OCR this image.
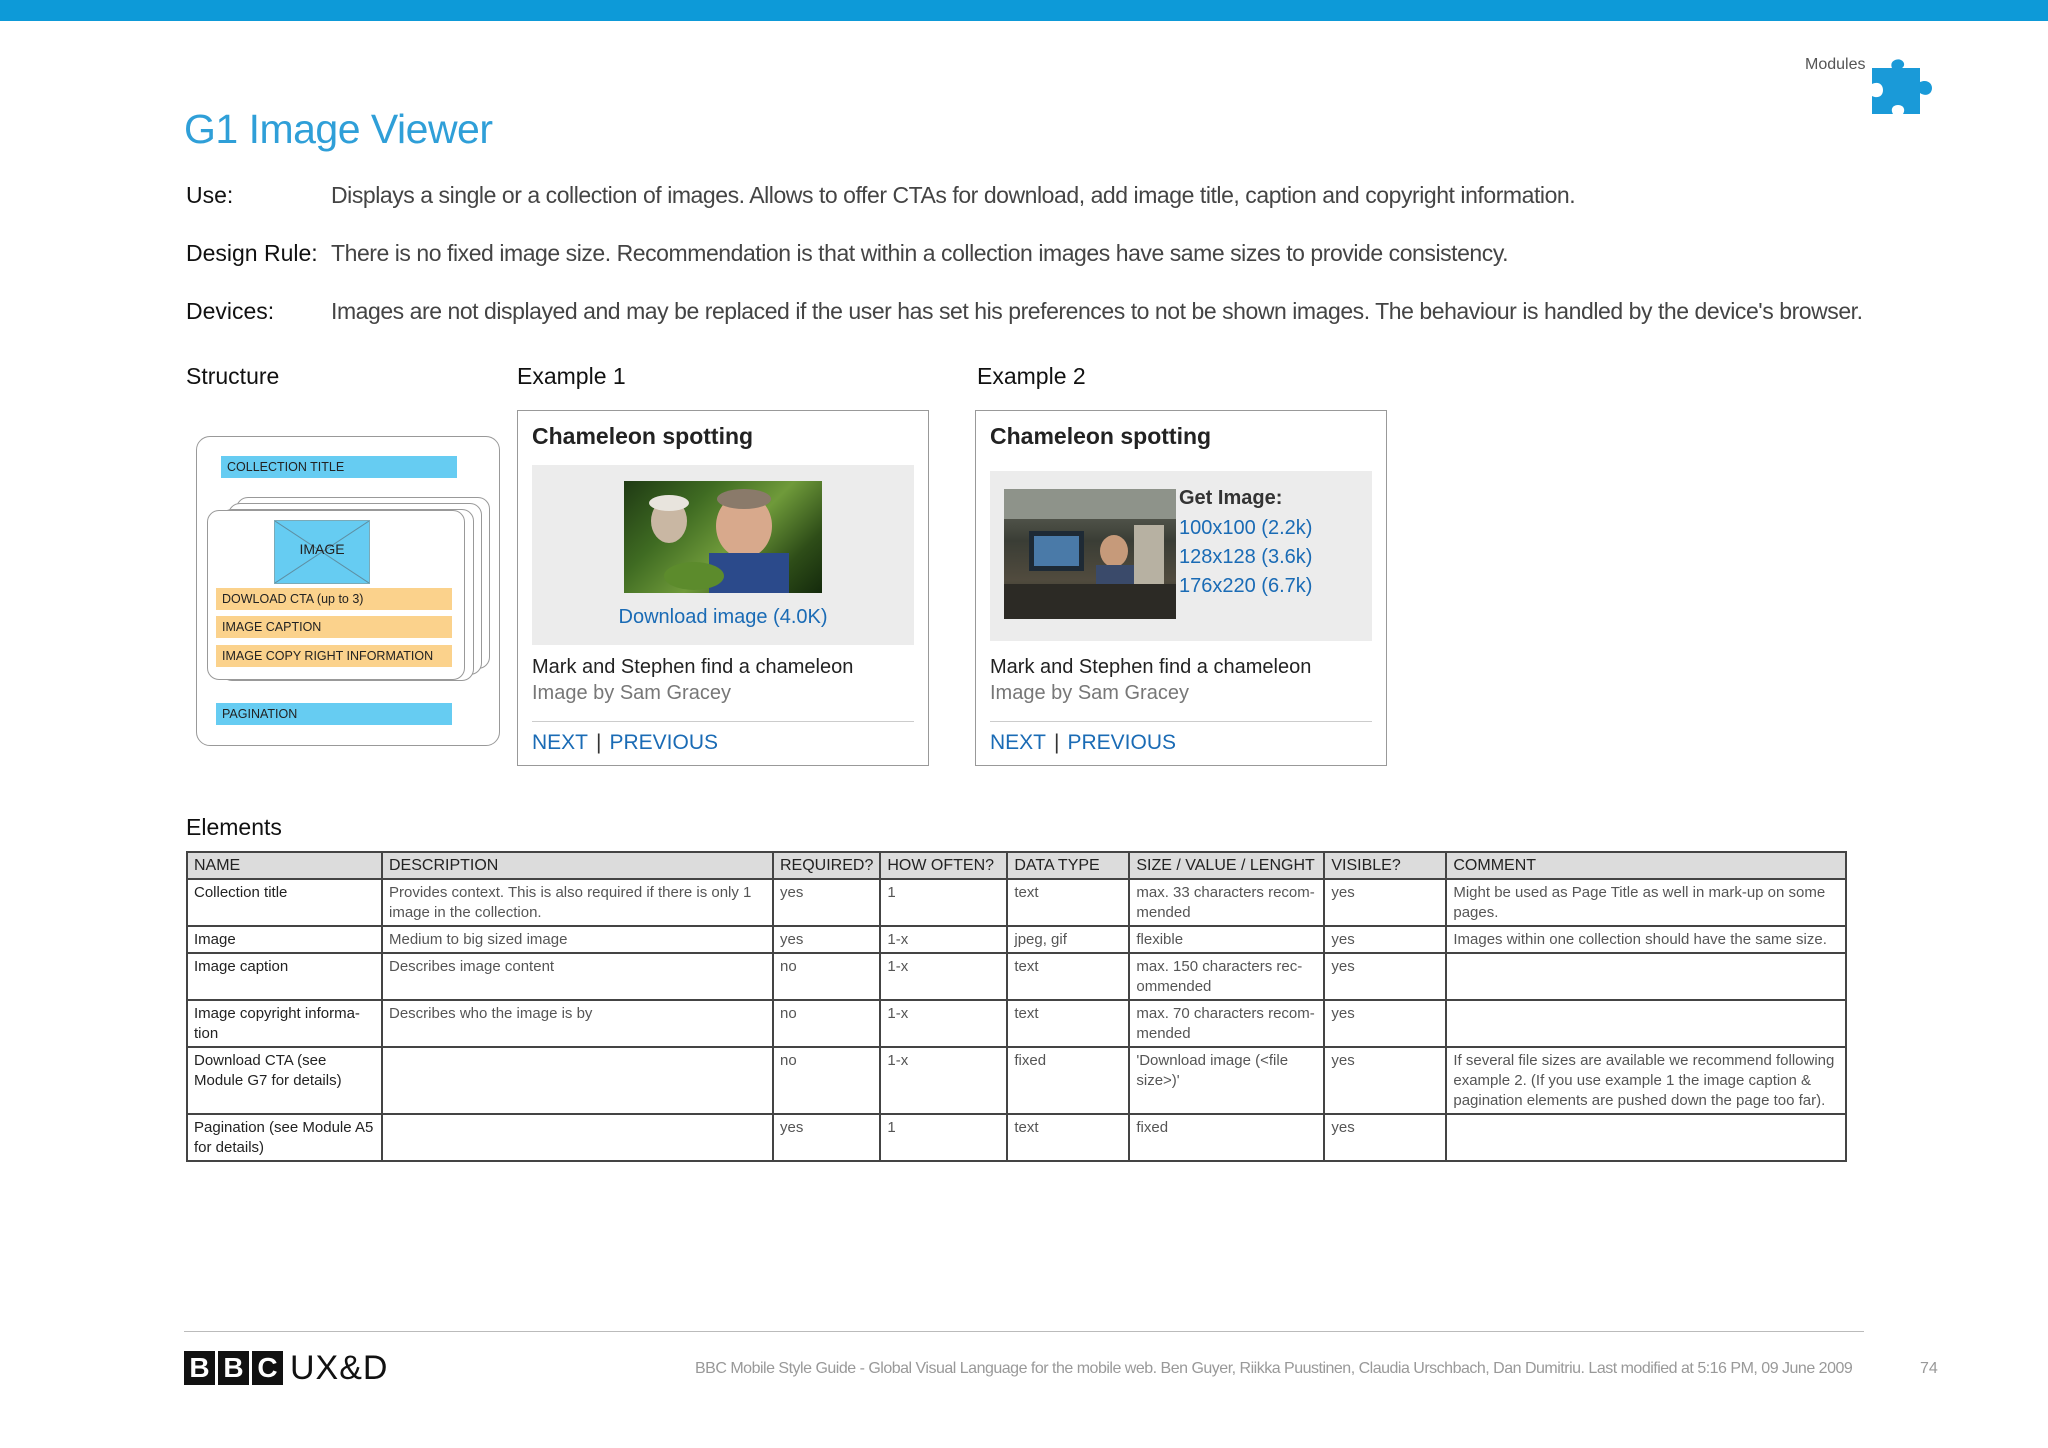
Modules
G1 Image Viewer
Use:	Displays a single or a collection of images. Allows to offer CTAs for download, add image title, caption and copyright information.
Design Rule: There is no fixed image size. Recommendation is that within a collection images have same sizes to provide consistency.
Devices:	Images are not displayed and may be replaced if the user has set his preferences to not be shown images. The behaviour is handled by the device's browser.
Structure	Example 1	Example 2
COLLECTION TITLE
IMAGE
DOWLOAD CTA (up to 3)
IMAGE CAPTION
IMAGE COPY RIGHT INFORMATION
PAGINATION
Chameleon spotting
Download image (4.0K)
Mark and Stephen find a chameleon
Image by Sam Gracey
NEXT | PREVIOUS
Chameleon spotting
Get Image:
100x100 (2.2k)
128x128 (3.6k)
176x220 (6.7k)
Mark and Stephen find a chameleon
Image by Sam Gracey
NEXT | PREVIOUS
Elements
NAME	DESCRIPTION	REQUIRED?	HOW OFTEN?	DATA TYPE	SIZE / VALUE / LENGHT	VISIBLE?	COMMENT
Collection title	Provides context. This is also required if there is only 1 image in the collection.	yes	1	text	max. 33 characters recom-mended	yes	Might be used as Page Title as well in mark-up on some pages.
Image	Medium to big sized image	yes	1-x	jpeg, gif	flexible	yes	Images within one collection should have the same size.
Image caption	Describes image content	no	1-x	text	max. 150 characters rec-ommended	yes	
Image copyright informa-tion	Describes who the image is by	no	1-x	text	max. 70 characters recom-mended	yes	
Download CTA (see Module G7 for details)		no	1-x	fixed	'Download image (<file size>)'	yes	If several file sizes are available we recommend following example 2. (If you use example 1 the image caption & pagination elements are pushed down the page too far).
Pagination (see Module A5 for details)		yes	1	text	fixed	yes	
B B C UX&D	BBC Mobile Style Guide - Global Visual Language for the mobile web. Ben Guyer, Riikka Puustinen, Claudia Urschbach, Dan Dumitriu. Last modified at 5:16 PM, 09 June 2009	74
